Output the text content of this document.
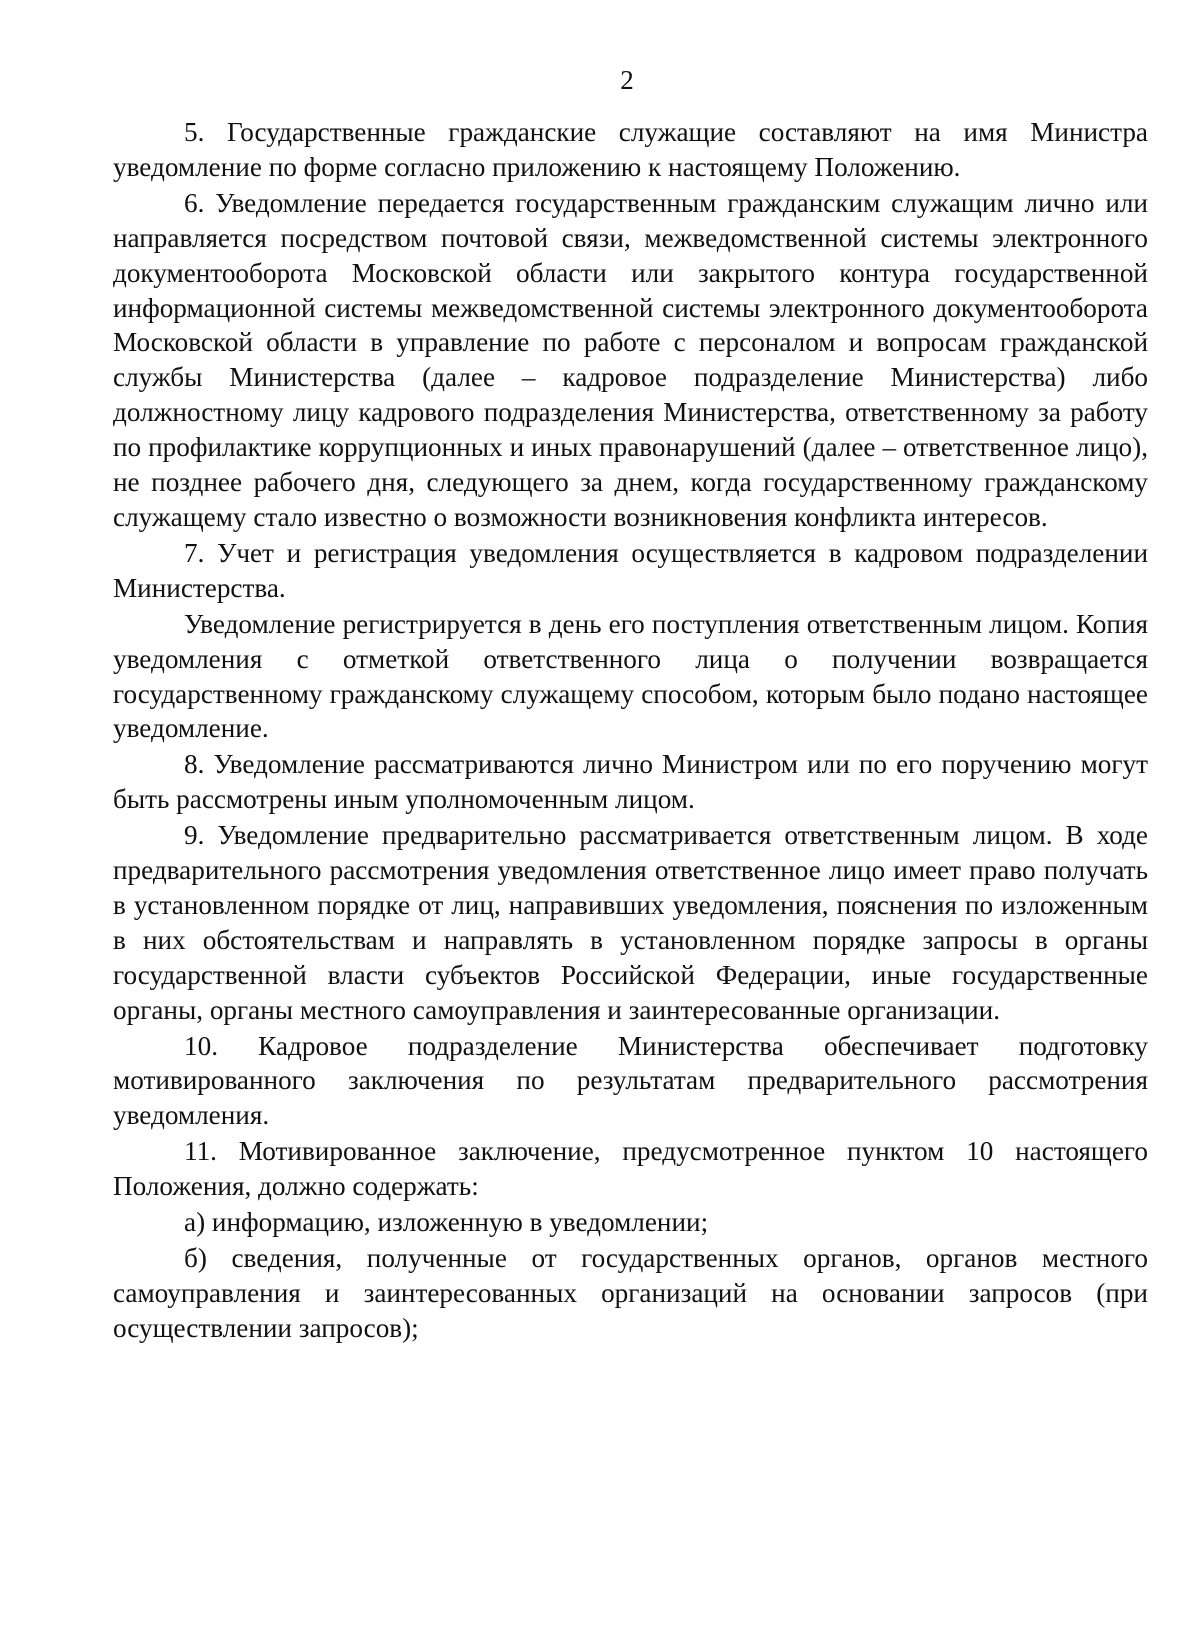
2

5. Государственные гражданские служащие составляют на имя Министра уведомление по форме согласно приложению к настоящему Положению.

6. Уведомление передается государственным гражданским служащим лично или направляется посредством почтовой связи, межведомственной системы электронного документооборота Московской области или закрытого контура государственной информационной системы межведомственной системы электронного документооборота Московской области в управление по работе с персоналом и вопросам гражданской службы Министерства (далее – кадровое подразделение Министерства) либо должностному лицу кадрового подразделения Министерства, ответственному за работу по профилактике коррупционных и иных правонарушений (далее – ответственное лицо), не позднее рабочего дня, следующего за днем, когда государственному гражданскому служащему стало известно о возможности возникновения конфликта интересов.

7. Учет и регистрация уведомления осуществляется в кадровом подразделении Министерства.

Уведомление регистрируется в день его поступления ответственным лицом. Копия уведомления с отметкой ответственного лица о получении возвращается государственному гражданскому служащему способом, которым было подано настоящее уведомление.

8. Уведомление рассматриваются лично Министром или по его поручению могут быть рассмотрены иным уполномоченным лицом.

9. Уведомление предварительно рассматривается ответственным лицом. В ходе предварительного рассмотрения уведомления ответственное лицо имеет право получать в установленном порядке от лиц, направивших уведомления, пояснения по изложенным в них обстоятельствам и направлять в установленном порядке запросы в органы государственной власти субъектов Российской Федерации, иные государственные органы, органы местного самоуправления и заинтересованные организации.

10. Кадровое подразделение Министерства обеспечивает подготовку мотивированного заключения по результатам предварительного рассмотрения уведомления.

11. Мотивированное заключение, предусмотренное пунктом 10 настоящего Положения, должно содержать:

а) информацию, изложенную в уведомлении;

б) сведения, полученные от государственных органов, органов местного самоуправления и заинтересованных организаций на основании запросов (при осуществлении запросов);
